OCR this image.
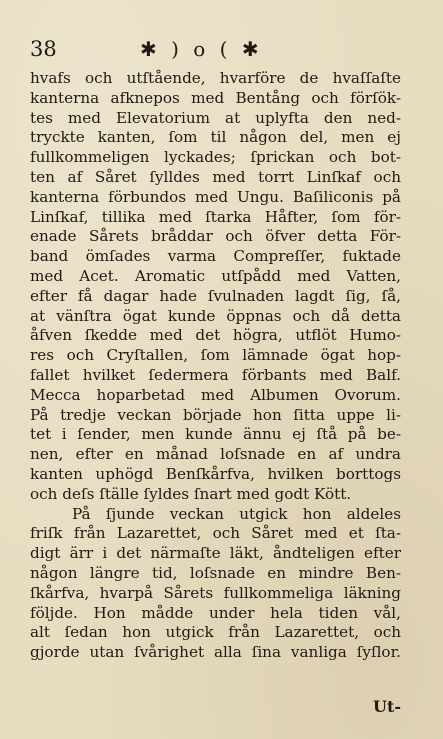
38	✱ ) o ( ✱
hvafs och utſtående, hvarföre de hvaſſaſte
kanterna afknepos med Bentång och förſök-
tes med Elevatorium at uplyfta den ned-
tryckte kanten, ſom til någon del, men ej
fullkommeligen lyckades; ſprickan och bot-
ten af Såret ſylldes med torrt Linſkaf och
kanterna förbundos med Ungu. Baſiliconis på
Linſkaf, tillika med ſtarka Håfter, ſom för-
enade Sårets bråddar och öfver detta För-
band ömſades varma Compreſſer, fuktade
med Acet. Aromatic utſpådd med Vatten,
efter få dagar hade ſvulnaden lagdt ſig, ſå,
at vänſtra ögat kunde öppnas och då detta
åfven ſkedde med det högra, utflöt Humo-
res och Cryſtallen, ſom lämnade ögat hop-
fallet hvilket ſedermera förbants med Balf.
Mecca hoparbetad med Albumen Ovorum.
På tredje veckan började hon ſitta uppe li-
tet i ſender, men kunde ännu ej ſtå på be-
nen, efter en månad loſsnade en af undra
kanten uphögd Benſkårfva, hvilken borttogs
och deſs ſtälle ſyldes ſnart med godt Kött.
På ſjunde veckan utgick hon aldeles
friſk från Lazarettet, och Såret med et ſta-
digt ärr i det närmaſte läkt, åndteligen efter
någon längre tid, loſsnade en mindre Ben-
ſkårfva, hvarpå Sårets fullkommeliga läkning
följde. Hon mådde under hela tiden vål,
alt ſedan hon utgick från Lazarettet, och
gjorde utan ſvårighet alla ſina vanliga ſyſlor.
Ut-
